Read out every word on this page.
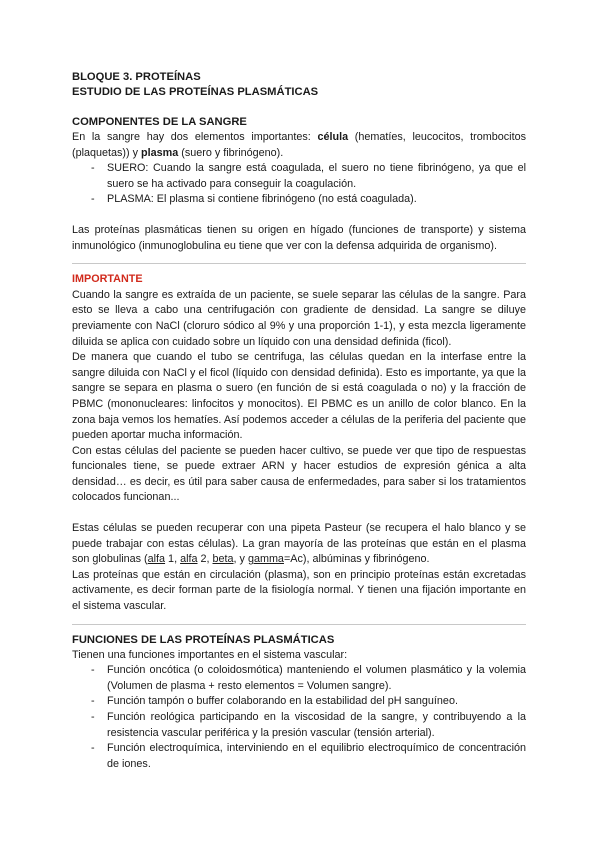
BLOQUE 3. PROTEÍNAS
ESTUDIO DE LAS PROTEÍNAS PLASMÁTICAS
COMPONENTES DE LA SANGRE
En la sangre hay dos elementos importantes: célula (hematíes, leucocitos, trombocitos (plaquetas)) y plasma (suero y fibrinógeno).
- SUERO: Cuando la sangre está coagulada, el suero no tiene fibrinógeno, ya que el suero se ha activado para conseguir la coagulación.
- PLASMA: El plasma si contiene fibrinógeno (no está coagulada).
Las proteínas plasmáticas tienen su origen en hígado (funciones de transporte) y sistema inmunológico (inmunoglobulina eu tiene que ver con la defensa adquirida de organismo).
IMPORTANTE
Cuando la sangre es extraída de un paciente, se suele separar las células de la sangre. Para esto se lleva a cabo una centrifugación con gradiente de densidad. La sangre se diluye previamente con NaCl (cloruro sódico al 9% y una proporción 1-1), y esta mezcla ligeramente diluida se aplica con cuidado sobre un líquido con una densidad definida (ficol).
De manera que cuando el tubo se centrifuga, las células quedan en la interfase entre la sangre diluida con NaCl y el ficol (líquido con densidad definida). Esto es importante, ya que la sangre se separa en plasma o suero (en función de si está coagulada o no) y la fracción de PBMC (mononucleares: linfocitos y monocitos). El PBMC es un anillo de color blanco. En la zona baja vemos los hematíes. Así podemos acceder a células de la periferia del paciente que pueden aportar mucha información.
Con estas células del paciente se pueden hacer cultivo, se puede ver que tipo de respuestas funcionales tiene, se puede extraer ARN y hacer estudios de expresión génica a alta densidad… es decir, es útil para saber causa de enfermedades, para saber si los tratamientos colocados funcionan...
Estas células se pueden recuperar con una pipeta Pasteur (se recupera el halo blanco y se puede trabajar con estas células). La gran mayoría de las proteínas que están en el plasma son globulinas (alfa 1, alfa 2, beta, y gamma=Ac), albúminas y fibrinógeno.
Las proteínas que están en circulación (plasma), son en principio proteínas están excretadas activamente, es decir forman parte de la fisiología normal. Y tienen una fijación importante en el sistema vascular.
FUNCIONES DE LAS PROTEÍNAS PLASMÁTICAS
Tienen una funciones importantes en el sistema vascular:
- Función oncótica (o coloidosmótica) manteniendo el volumen plasmático y la volemia (Volumen de plasma + resto elementos = Volumen sangre).
- Función tampón o buffer colaborando en la estabilidad del pH sanguíneo.
- Función reológica participando en la viscosidad de la sangre, y contribuyendo a la resistencia vascular periférica y la presión vascular (tensión arterial).
- Función electroquímica, interviniendo en el equilibrio electroquímico de concentración de iones.
